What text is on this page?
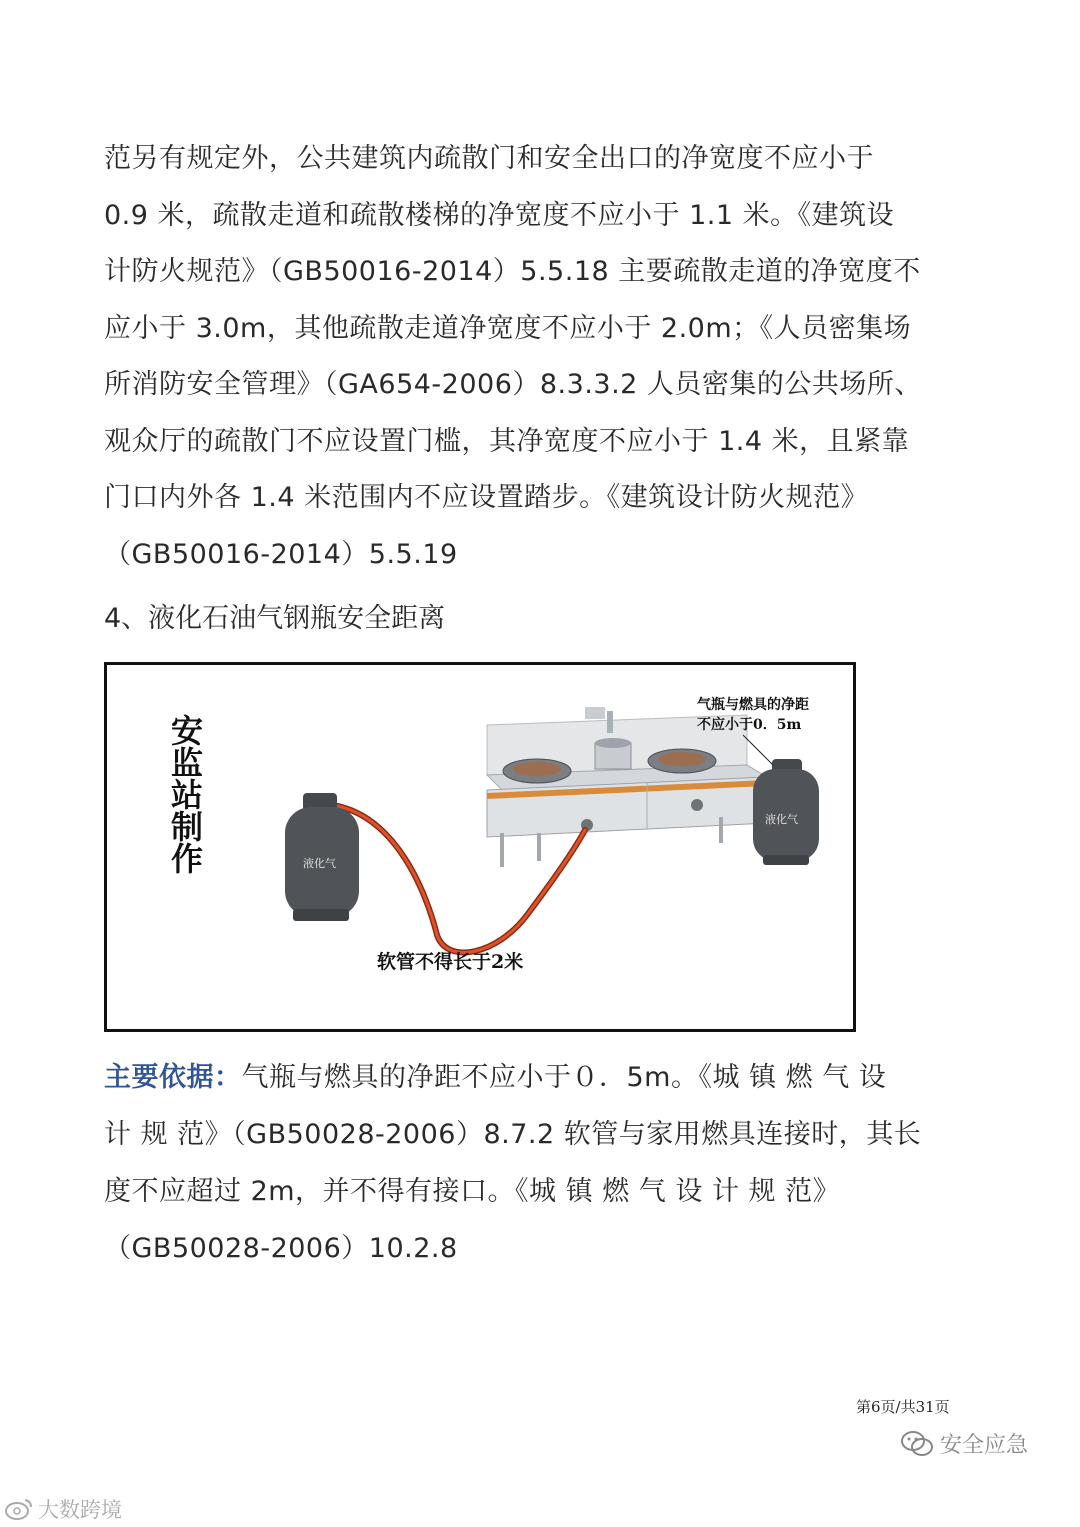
范另有规定外，公共建筑内疏散门和安全出口的净宽度不应小于
0.9 米，疏散走道和疏散楼梯的净宽度不应小于 1.1 米。《建筑设
计防火规范》（GB50016-2014）5.5.18 主要疏散走道的净宽度不
应小于 3.0m，其他疏散走道净宽度不应小于 2.0m；《人员密集场
所消防安全管理》（GA654-2006）8.3.3.2 人员密集的公共场所、
观众厅的疏散门不应设置门槛，其净宽度不应小于 1.4 米，且紧靠
门口内外各 1.4 米范围内不应设置踏步。《建筑设计防火规范》
（GB50016-2014）5.5.19
4、液化石油气钢瓶安全距离
安
监
站
制
作
气瓶与燃具的净距
不应小于0．5m
液化气
液化气
软管不得长于2米
主要依据：气瓶与燃具的净距不应小于０．5m。《城 镇 燃 气 设
计 规 范》（GB50028-2006）8.7.2 软管与家用燃具连接时，其长
度不应超过 2m，并不得有接口。《城 镇 燃 气 设 计 规 范》
（GB50028-2006）10.2.8
第6页/共31页
安全应急
大数跨境
